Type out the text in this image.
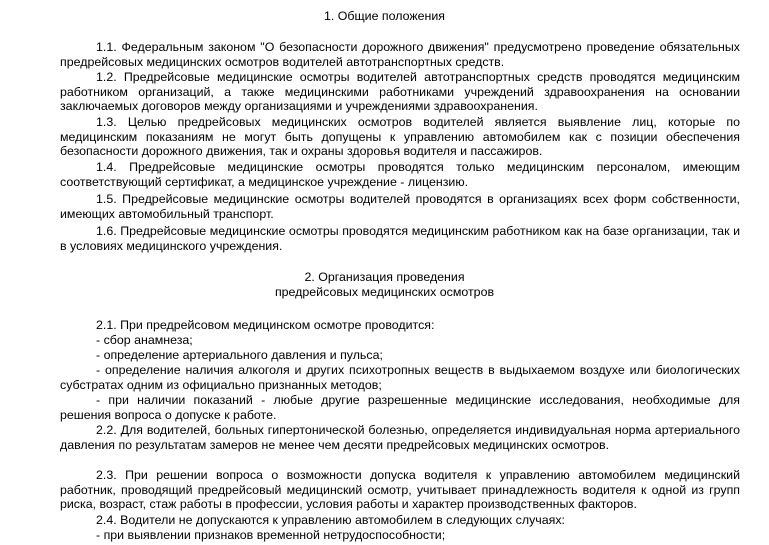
1. Общие положения
1.1. Федеральным законом "О безопасности дорожного движения" предусмотрено проведение обязательных предрейсовых медицинских осмотров водителей автотранспортных средств.
1.2. Предрейсовые медицинские осмотры водителей автотранспортных средств проводятся медицинским работником организаций, а также медицинскими работниками учреждений здравоохранения на основании заключаемых договоров между организациями и учреждениями здравоохранения.
1.3. Целью предрейсовых медицинских осмотров водителей является выявление лиц, которые по медицинским показаниям не могут быть допущены к управлению автомобилем как с позиции обеспечения безопасности дорожного движения, так и охраны здоровья водителя и пассажиров.
1.4. Предрейсовые медицинские осмотры проводятся только медицинским персоналом, имеющим соответствующий сертификат, а медицинское учреждение - лицензию.
1.5. Предрейсовые медицинские осмотры водителей проводятся в организациях всех форм собственности, имеющих автомобильный транспорт.
1.6. Предрейсовые медицинские осмотры проводятся медицинским работником как на базе организации, так и в условиях медицинского учреждения.
2. Организация проведения
предрейсовых медицинских осмотров
2.1. При предрейсовом медицинском осмотре проводится:
- сбор анамнеза;
- определение артериального давления и пульса;
- определение наличия алкоголя и других психотропных веществ в выдыхаемом воздухе или биологических субстратах одним из официально признанных методов;
- при наличии показаний - любые другие разрешенные медицинские исследования, необходимые для решения вопроса о допуске к работе.
2.2. Для водителей, больных гипертонической болезнью, определяется индивидуальная норма артериального давления по результатам замеров не менее чем десяти предрейсовых медицинских осмотров.
2.3. При решении вопроса о возможности допуска водителя к управлению автомобилем медицинский работник, проводящий предрейсовый медицинский осмотр, учитывает принадлежность водителя к одной из групп риска, возраст, стаж работы в профессии, условия работы и характер производственных факторов.
2.4. Водители не допускаются к управлению автомобилем в следующих случаях:
- при выявлении признаков временной нетрудоспособности;
